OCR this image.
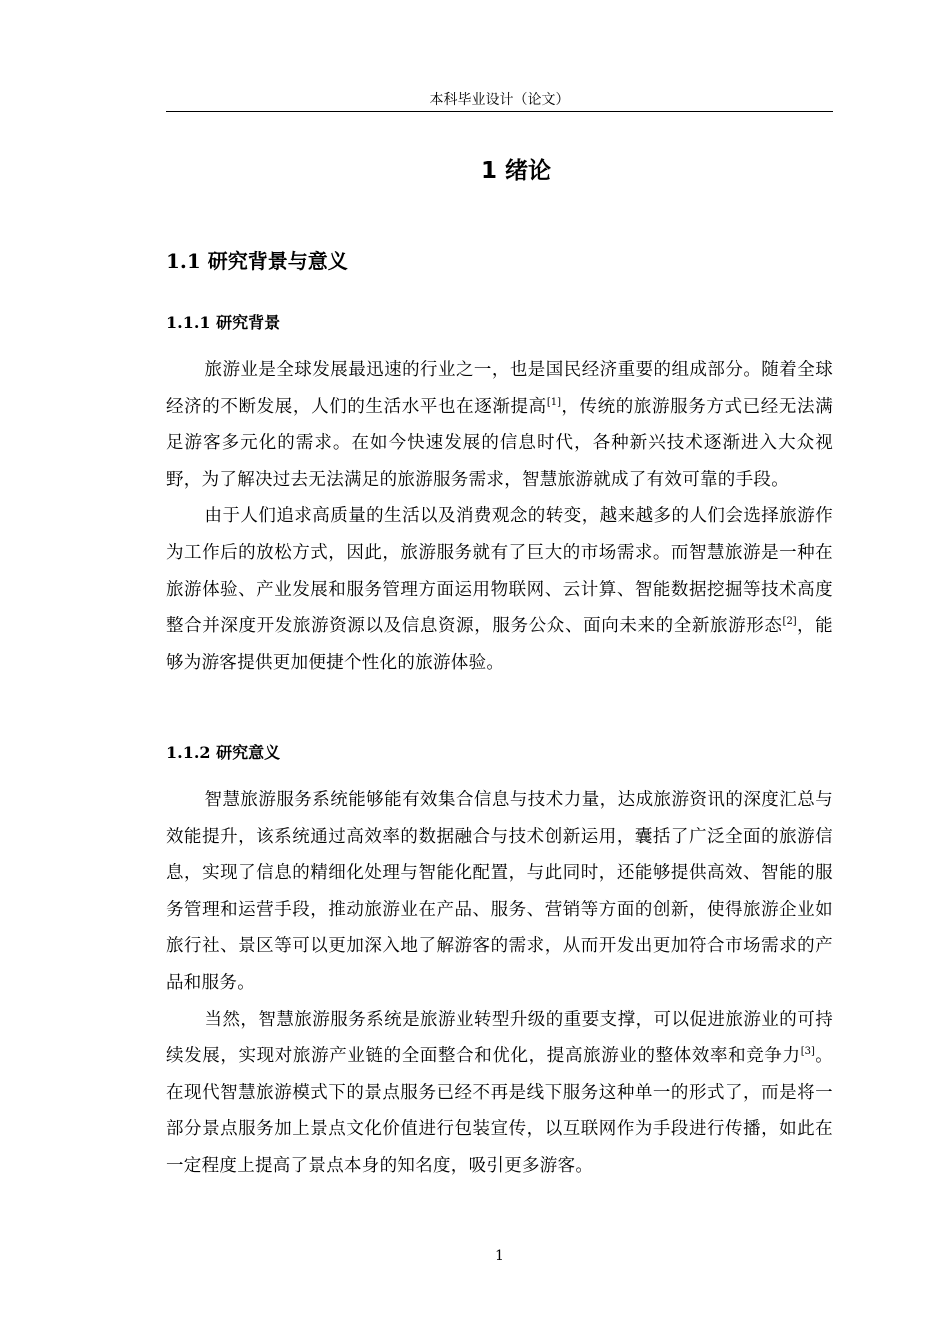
本科毕业设计（论文）
1 绪论
1.1 研究背景与意义
1.1.1 研究背景

旅游业是全球发展最迅速的行业之一，也是国民经济重要的组成部分。随着全球经济的不断发展，人们的生活水平也在逐渐提高[1]，传统的旅游服务方式已经无法满足游客多元化的需求。在如今快速发展的信息时代，各种新兴技术逐渐进入大众视野，为了解决过去无法满足的旅游服务需求，智慧旅游就成了有效可靠的手段。

由于人们追求高质量的生活以及消费观念的转变，越来越多的人们会选择旅游作为工作后的放松方式，因此，旅游服务就有了巨大的市场需求。而智慧旅游是一种在旅游体验、产业发展和服务管理方面运用物联网、云计算、智能数据挖掘等技术高度整合并深度开发旅游资源以及信息资源，服务公众、面向未来的全新旅游形态[2]，能够为游客提供更加便捷个性化的旅游体验。

1.1.2 研究意义

智慧旅游服务系统能够能有效集合信息与技术力量，达成旅游资讯的深度汇总与效能提升，该系统通过高效率的数据融合与技术创新运用，囊括了广泛全面的旅游信息，实现了信息的精细化处理与智能化配置，与此同时，还能够提供高效、智能的服务管理和运营手段，推动旅游业在产品、服务、营销等方面的创新，使得旅游企业如旅行社、景区等可以更加深入地了解游客的需求，从而开发出更加符合市场需求的产品和服务。

当然，智慧旅游服务系统是旅游业转型升级的重要支撑，可以促进旅游业的可持续发展，实现对旅游产业链的全面整合和优化，提高旅游业的整体效率和竞争力[3]。在现代智慧旅游模式下的景点服务已经不再是线下服务这种单一的形式了，而是将一部分景点服务加上景点文化价值进行包装宣传，以互联网作为手段进行传播，如此在一定程度上提高了景点本身的知名度，吸引更多游客。

1
